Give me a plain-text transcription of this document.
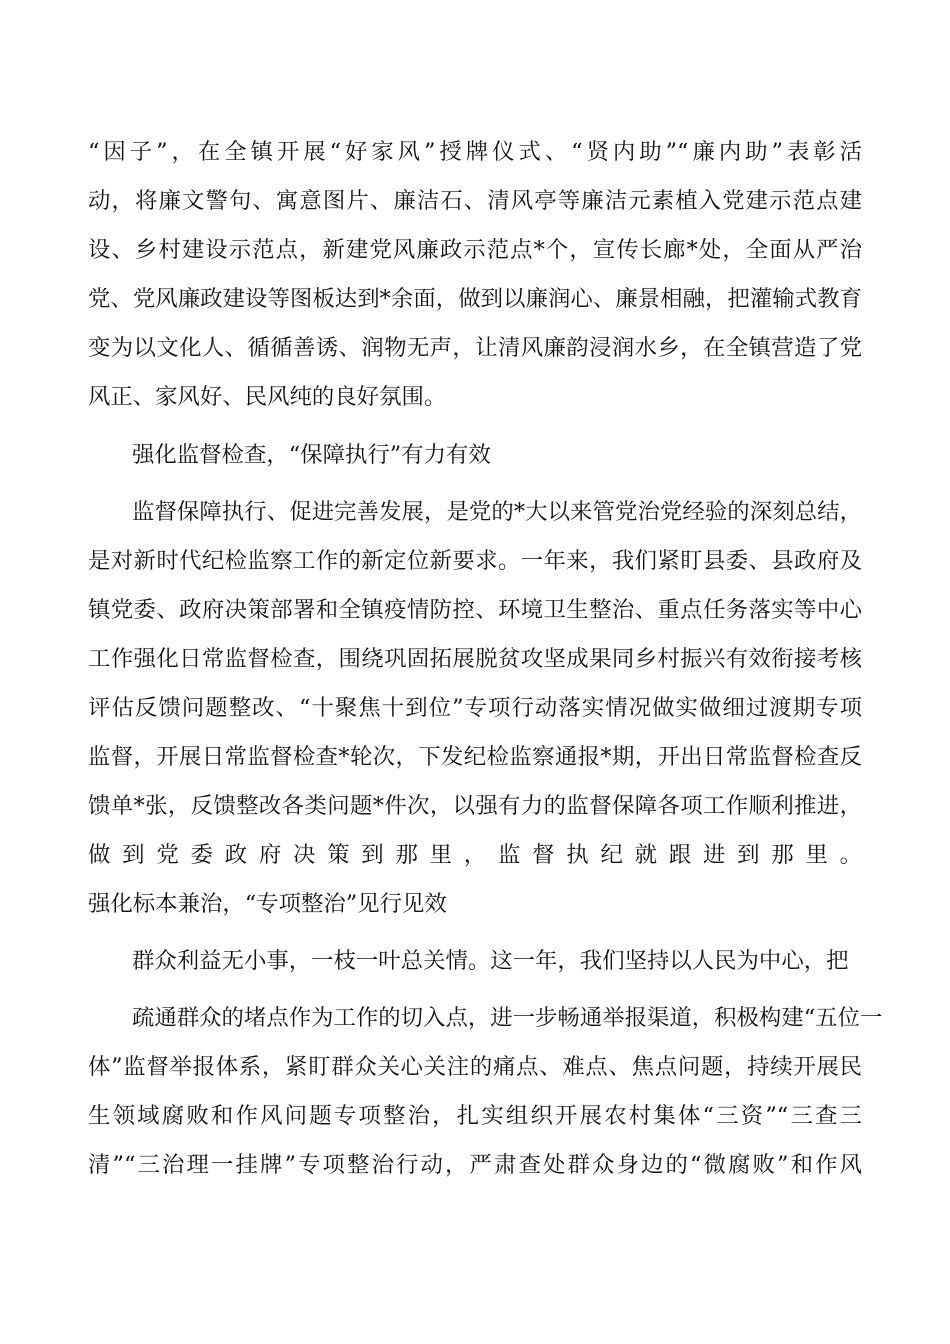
“因子”，在全镇开展“好家风”授牌仪式、“贤内助”“廉内助”表彰活
动，将廉文警句、寓意图片、廉洁石、清风亭等廉洁元素植入党建示范点建
设、乡村建设示范点，新建党风廉政示范点*个，宣传长廊*处，全面从严治
党、党风廉政建设等图板达到*余面，做到以廉润心、廉景相融，把灌输式教育
变为以文化人、循循善诱、润物无声，让清风廉韵浸润水乡，在全镇营造了党
风正、家风好、民风纯的良好氛围。
强化监督检查，“保障执行”有力有效
监督保障执行、促进完善发展，是党的*大以来管党治党经验的深刻总结，
是对新时代纪检监察工作的新定位新要求。一年来，我们紧盯县委、县政府及
镇党委、政府决策部署和全镇疫情防控、环境卫生整治、重点任务落实等中心
工作强化日常监督检查，围绕巩固拓展脱贫攻坚成果同乡村振兴有效衔接考核
评估反馈问题整改、“十聚焦十到位”专项行动落实情况做实做细过渡期专项
监督，开展日常监督检查*轮次，下发纪检监察通报*期，开出日常监督检查反
馈单*张，反馈整改各类问题*件次，以强有力的监督保障各项工作顺利推进，
做到党委政府决策到那里，监督执纪就跟进到那里。
强化标本兼治，“专项整治”见行见效
群众利益无小事，一枝一叶总关情。这一年，我们坚持以人民为中心，把
疏通群众的堵点作为工作的切入点，进一步畅通举报渠道，积极构建“五位一
体”监督举报体系，紧盯群众关心关注的痛点、难点、焦点问题，持续开展民
生领域腐败和作风问题专项整治，扎实组织开展农村集体“三资”“三查三
清”“三治理一挂牌”专项整治行动，严肃查处群众身边的“微腐败”和作风
